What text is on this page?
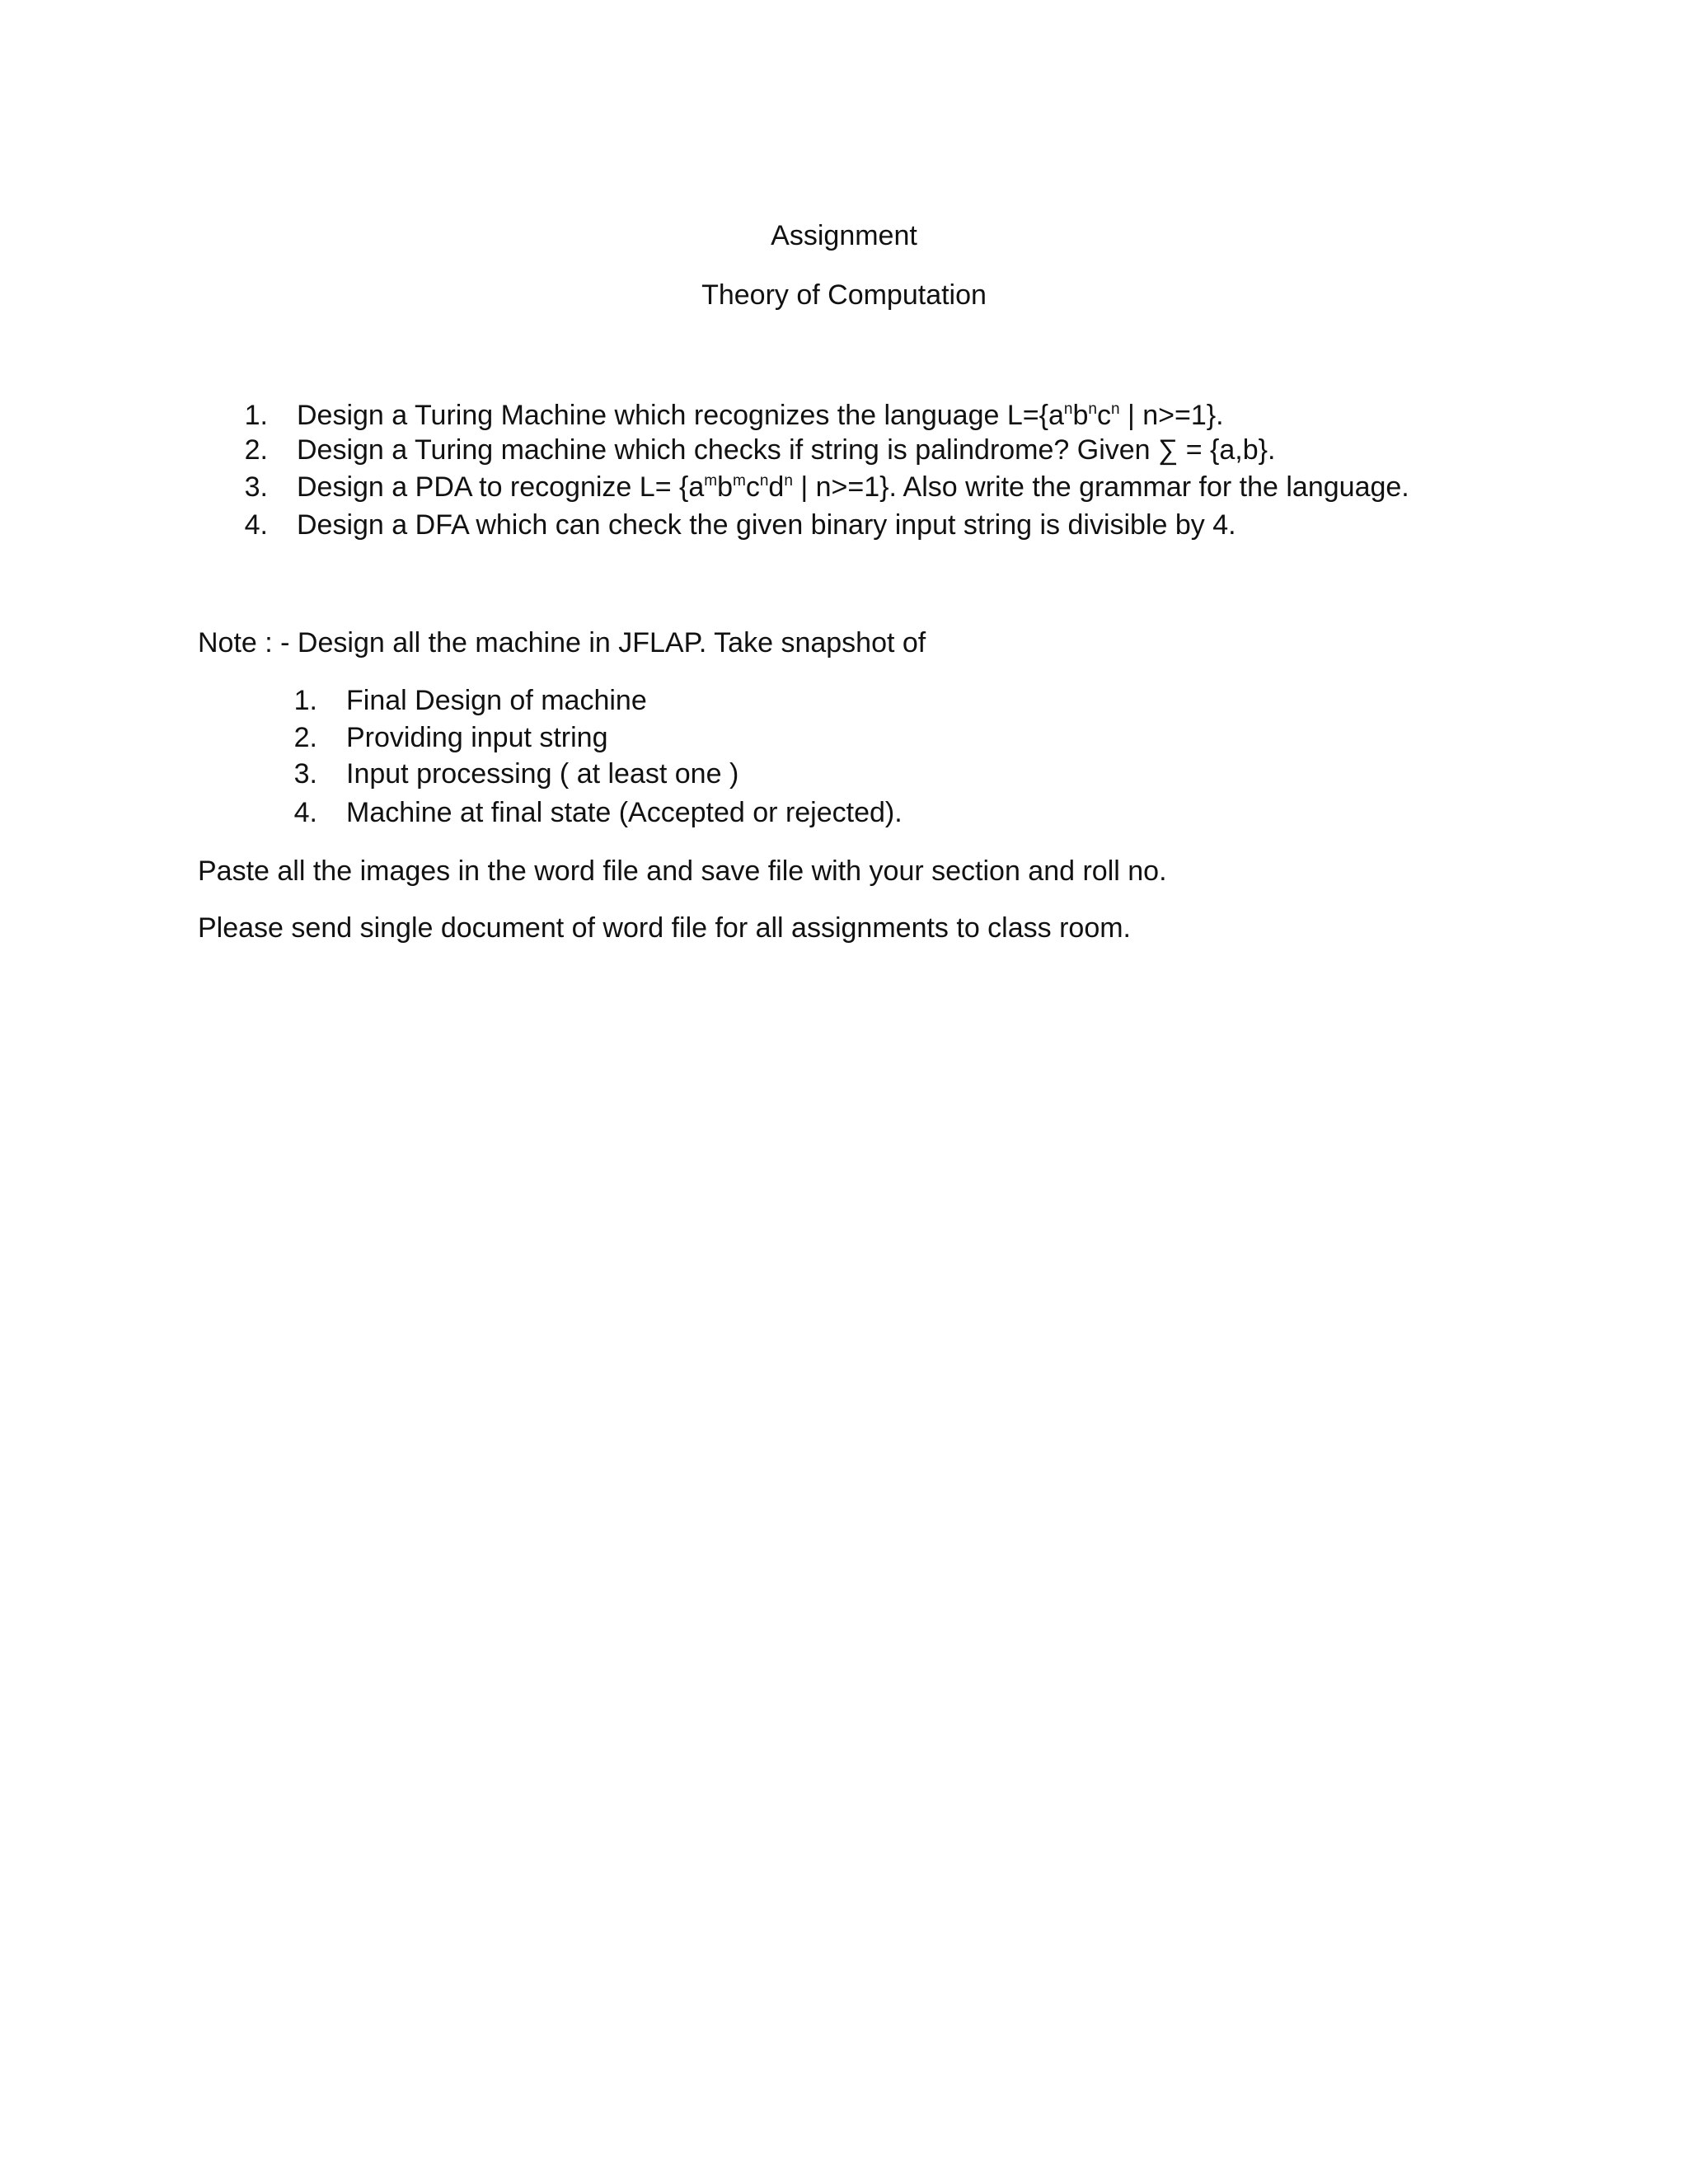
Assignment
Theory of Computation
1. Design a Turing Machine which recognizes the language $L=\{a^nb^nc^n$ | n>=1}.
2. Design a Turing machine which checks if string is palindrome? Given ∑ = {a,b}.
3. Design a PDA to recognize $L= \{a^mb^mc^nd^n$ | n>=1}. Also write the grammar for the language.
4. Design a DFA which can check the given binary input string is divisible by 4.
Note : - Design all the machine in JFLAP. Take snapshot of
1. Final Design of machine
2. Providing input string
3. Input processing ( at least one )
4. Machine at final state (Accepted or rejected).
Paste all the images in the word file and save file with your section and roll no.
Please send single document of word file for all assignments to class room.
